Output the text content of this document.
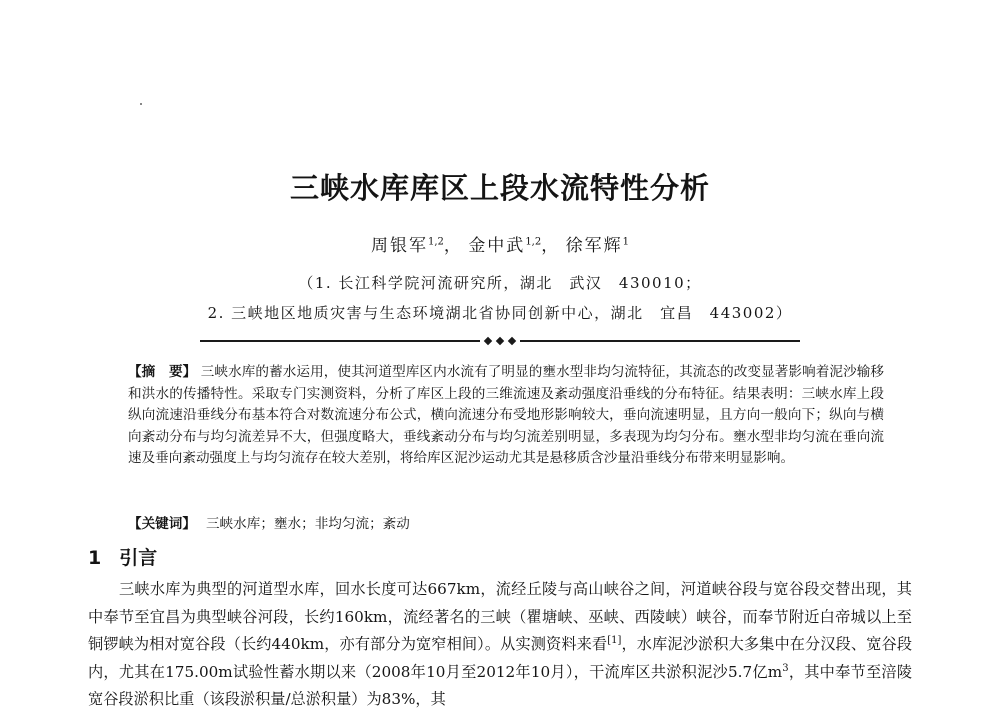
三峡水库库区上段水流特性分析
周银军$^{1,2}$， 金中武$^{1,2}$， 徐军辉$^1$
（1. 长江科学院河流研究所，湖北　武汉　430010；
2. 三峡地区地质灾害与生态环境湖北省协同创新中心，湖北　宜昌　443002）
【摘　要】 三峡水库的蓄水运用，使其河道型库区内水流有了明显的壅水型非均匀流特征，其流态的改变显著影响着泥沙输移和洪水的传播特性。采取专门实测资料，分析了库区上段的三维流速及紊动强度沿垂线的分布特征。结果表明：三峡水库上段纵向流速沿垂线分布基本符合对数流速分布公式，横向流速分布受地形影响较大，垂向流速明显，且方向一般向下；纵向与横向紊动分布与均匀流差异不大，但强度略大，垂线紊动分布与均匀流差别明显，多表现为均匀分布。壅水型非均匀流在垂向流速及垂向紊动强度上与均匀流存在较大差别，将给库区泥沙运动尤其是悬移质含沙量沿垂线分布带来明显影响。
【关键词】 三峡水库；壅水；非均匀流；紊动
1 引言

三峡水库为典型的河道型水库，回水长度可达667km，流经丘陵与高山峡谷之间，河道峡谷段与宽谷段交替出现，其中奉节至宜昌为典型峡谷河段，长约160km，流经著名的三峡（瞿塘峡、巫峡、西陵峡）峡谷，而奉节附近白帝城以上至铜锣峡为相对宽谷段（长约440km，亦有部分为宽窄相间）。从实测资料来看[1]，水库泥沙淤积大多集中在分汉段、宽谷段内，尤其在175.00m试验性蓄水期以来（2008年10月至2012年10月），干流库区共淤积泥沙5.7亿$m^3$，其中奉节至涪陵宽谷段淤积比重（该段淤积量/总淤积量）为83%，其
